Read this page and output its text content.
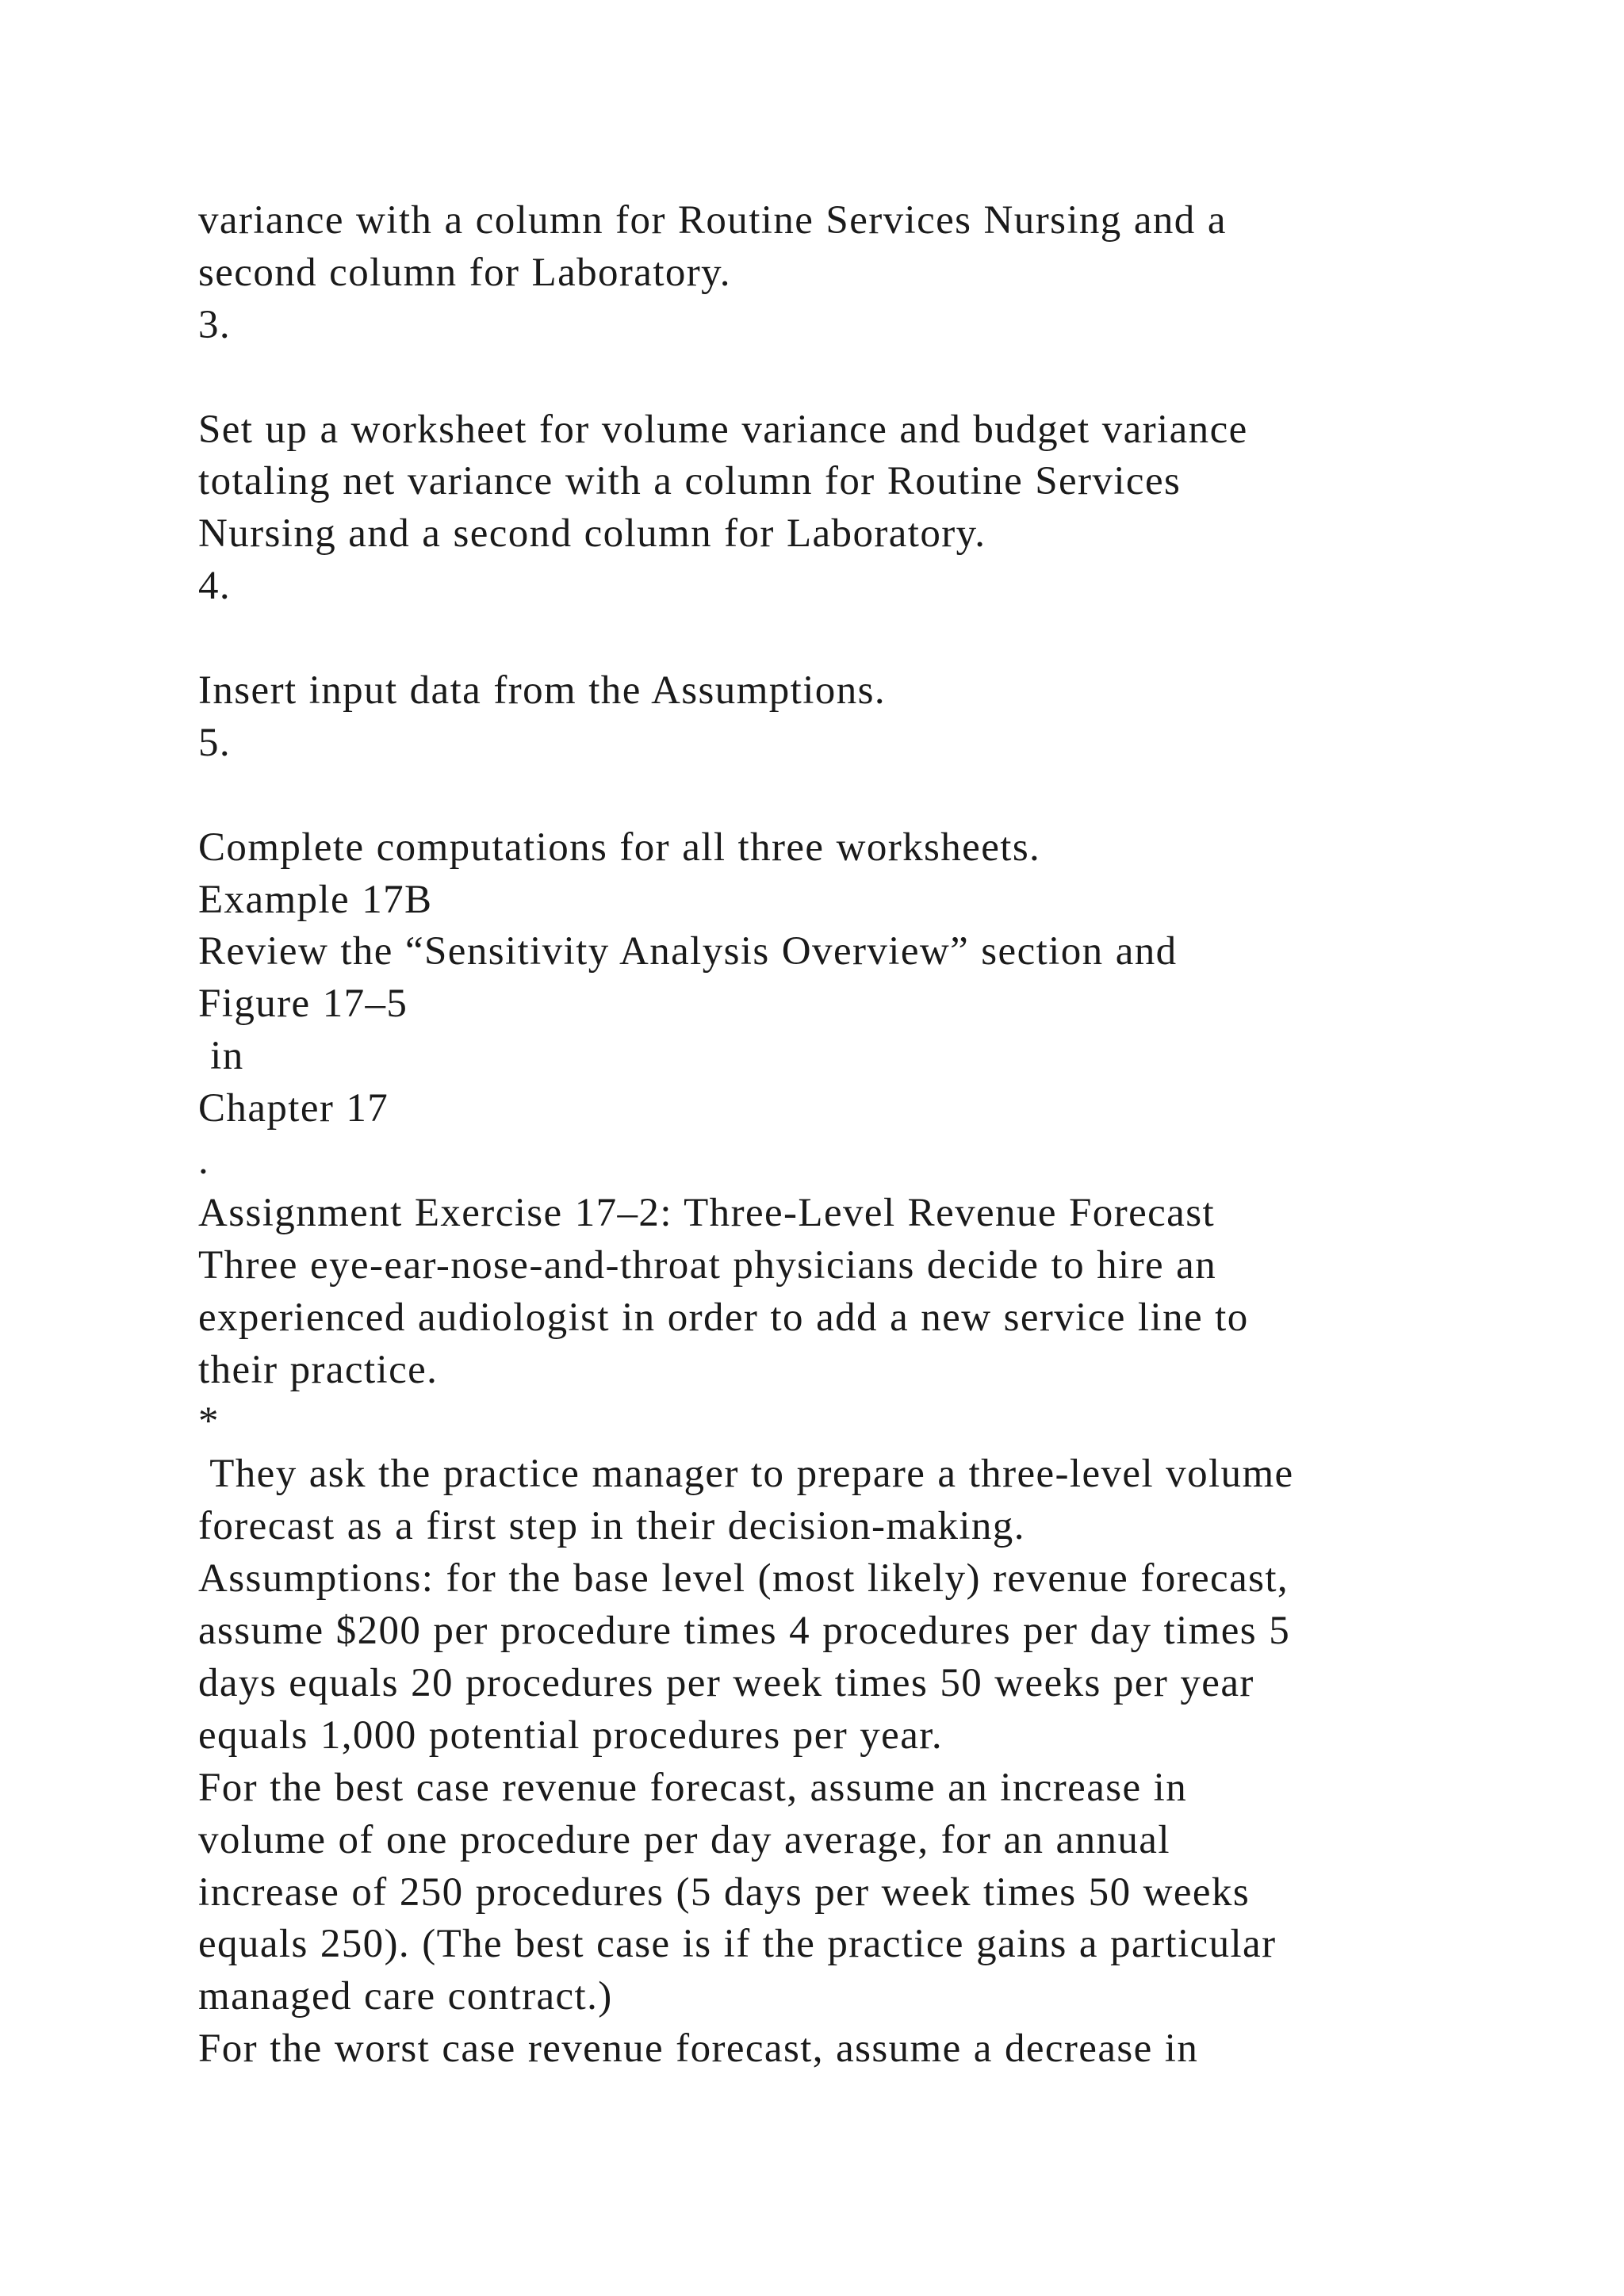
variance with a column for Routine Services Nursing and a
second column for Laboratory.
3.
Set up a worksheet for volume variance and budget variance
totaling net variance with a column for Routine Services
Nursing and a second column for Laboratory.
4.
Insert input data from the Assumptions.
5.
Complete computations for all three worksheets.
Example 17B
Review the “Sensitivity Analysis Overview” section and
Figure 17–5
in
Chapter 17
.
Assignment Exercise 17–2: Three-Level Revenue Forecast
Three eye-ear-nose-and-throat physicians decide to hire an
experienced audiologist in order to add a new service line to
their practice.
*
They ask the practice manager to prepare a three-level volume
forecast as a first step in their decision-making.
Assumptions: for the base level (most likely) revenue forecast,
assume $200 per procedure times 4 procedures per day times 5
days equals 20 procedures per week times 50 weeks per year
equals 1,000 potential procedures per year.
For the best case revenue forecast, assume an increase in
volume of one procedure per day average, for an annual
increase of 250 procedures (5 days per week times 50 weeks
equals 250). (The best case is if the practice gains a particular
managed care contract.)
For the worst case revenue forecast, assume a decrease in
